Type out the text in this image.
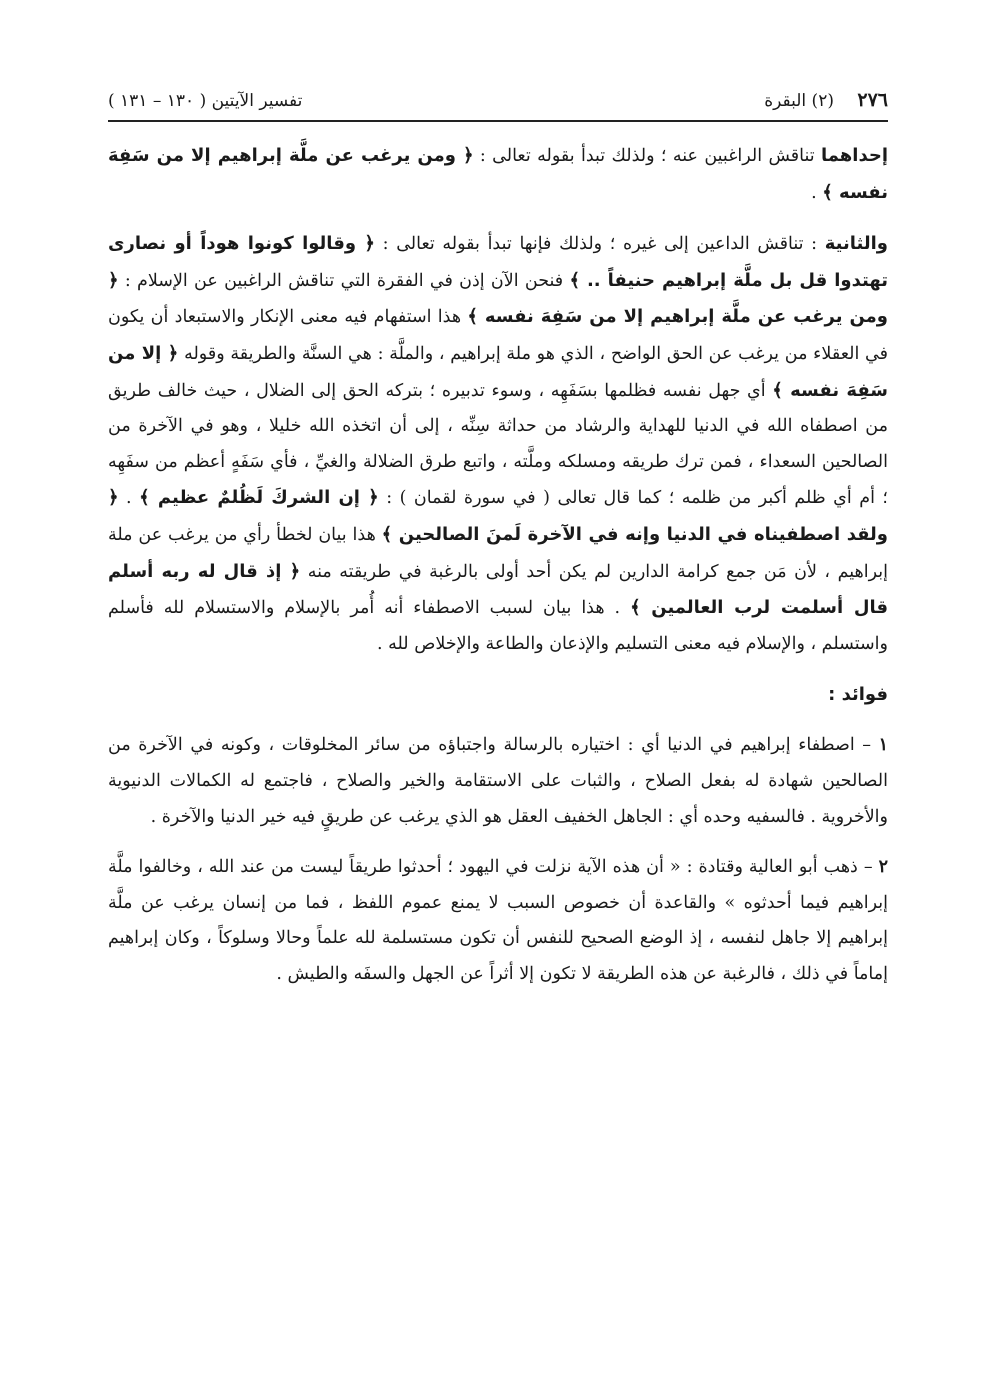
٢٧٦ (٢) البقرة
تفسير الآيتين ( ١٣٠ – ١٣١ )

إحداهما تناقش الراغبين عنه ؛ ولذلك تبدأ بقوله تعالى : ﴿ ومن يرغب عن ملَّة إبراهيم إلا من سَفِهَ نفسه ﴾ .

والثانية : تناقش الداعين إلى غيره ؛ ولذلك فإنها تبدأ بقوله تعالى : ﴿ وقالوا كونوا هوداً أو نصارى تهتدوا قل بل ملَّة إبراهيم حنيفاً .. ﴾ فنحن الآن إذن في الفقرة التي تناقش الراغبين عن الإسلام : ﴿ ومن يرغب عن ملَّة إبراهيم إلا من سَفِهَ نفسه ﴾ هذا استفهام فيه معنى الإنكار والاستبعاد أن يكون في العقلاء من يرغب عن الحق الواضح ، الذي هو ملة إبراهيم ، والملَّة : هي السنَّة والطريقة وقوله ﴿ إلا من سَفِهَ نفسه ﴾ أي جهل نفسه فظلمها بسَفَهِه ، وسوء تدبيره ؛ بتركه الحق إلى الضلال ، حيث خالف طريق من اصطفاه الله في الدنيا للهداية والرشاد من حداثة سِنِّه ، إلى أن اتخذه الله خليلا ، وهو في الآخرة من الصالحين السعداء ، فمن ترك طريقه ومسلكه وملَّته ، واتبع طرق الضلالة والغيِّ ، فأي سَفَهٍ أعظم من سفَهِه ؛ أم أي ظلم أكبر من ظلمه ؛ كما قال تعالى ( في سورة لقمان ) : ﴿ إن الشركَ لَظُلمٌ عظيم ﴾ . ﴿ ولقد اصطفيناه في الدنيا وإنه في الآخرة لَمنَ الصالحين ﴾ هذا بيان لخطأ رأي من يرغب عن ملة إبراهيم ، لأن مَن جمع كرامة الدارين لم يكن أحد أولى بالرغبة في طريقته منه ﴿ إذ قال له ربه أسلم قال أسلمت لرب العالمين ﴾ . هذا بيان لسبب الاصطفاء أنه أُمر بالإسلام والاستسلام لله فأسلم واستسلم ، والإسلام فيه معنى التسليم والإذعان والطاعة والإخلاص لله .

فوائد :

١ – اصطفاء إبراهيم في الدنيا أي : اختياره بالرسالة واجتباؤه من سائر المخلوقات ، وكونه في الآخرة من الصالحين شهادة له بفعل الصلاح ، والثبات على الاستقامة والخير والصلاح ، فاجتمع له الكمالات الدنيوية والأخروية . فالسفيه وحده أي : الجاهل الخفيف العقل هو الذي يرغب عن طريقٍ فيه خير الدنيا والآخرة .

٢ – ذهب أبو العالية وقتادة : « أن هذه الآية نزلت في اليهود ؛ أحدثوا طريقاً ليست من عند الله ، وخالفوا ملَّة إبراهيم فيما أحدثوه » والقاعدة أن خصوص السبب لا يمنع عموم اللفظ ، فما من إنسان يرغب عن ملَّة إبراهيم إلا جاهل لنفسه ، إذ الوضع الصحيح للنفس أن تكون مستسلمة لله علماً وحالا وسلوكاً ، وكان إبراهيم إماماً في ذلك ، فالرغبة عن هذه الطريقة لا تكون إلا أثراً عن الجهل والسفَه والطيش .
